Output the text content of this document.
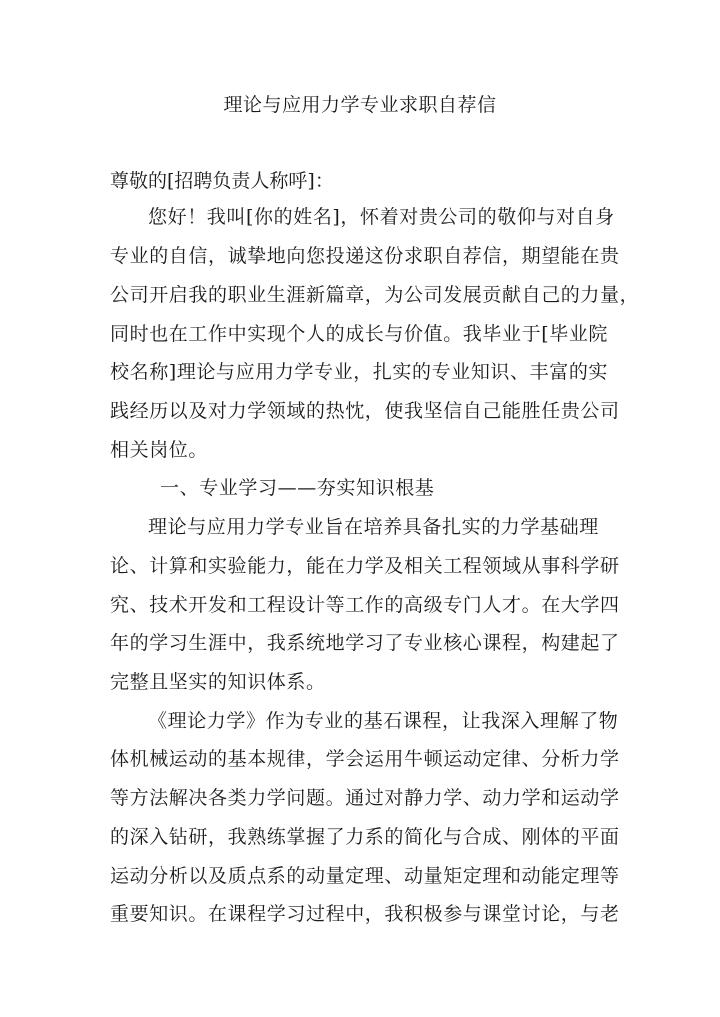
理论与应用力学专业求职自荐信
尊敬的[招聘负责人称呼]：
您好！我叫[你的姓名]，怀着对贵公司的敬仰与对自身
专业的自信，诚挚地向您投递这份求职自荐信，期望能在贵
公司开启我的职业生涯新篇章，为公司发展贡献自己的力量，
同时也在工作中实现个人的成长与价值。我毕业于[毕业院
校名称]理论与应用力学专业，扎实的专业知识、丰富的实
践经历以及对力学领域的热忱，使我坚信自己能胜任贵公司
相关岗位。
一、专业学习——夯实知识根基
理论与应用力学专业旨在培养具备扎实的力学基础理
论、计算和实验能力，能在力学及相关工程领域从事科学研
究、技术开发和工程设计等工作的高级专门人才。在大学四
年的学习生涯中，我系统地学习了专业核心课程，构建起了
完整且坚实的知识体系。
《理论力学》作为专业的基石课程，让我深入理解了物
体机械运动的基本规律，学会运用牛顿运动定律、分析力学
等方法解决各类力学问题。通过对静力学、动力学和运动学
的深入钻研，我熟练掌握了力系的简化与合成、刚体的平面
运动分析以及质点系的动量定理、动量矩定理和动能定理等
重要知识。在课程学习过程中，我积极参与课堂讨论，与老
